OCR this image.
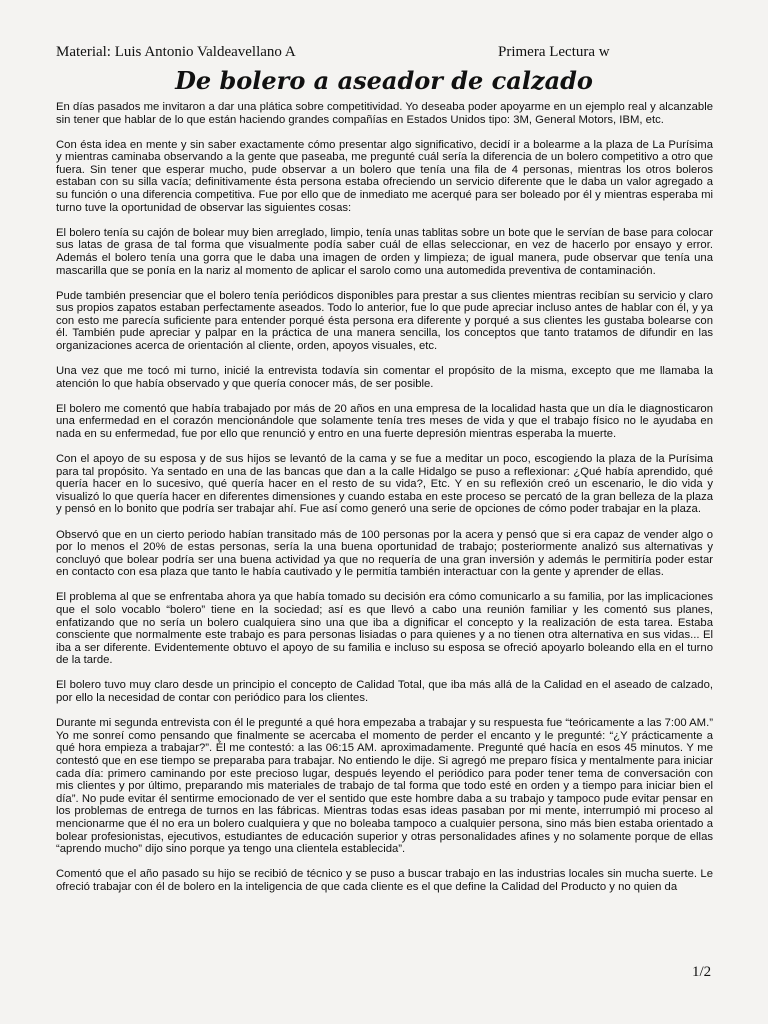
Material: Luis Antonio Valdeavellano A	Primera Lectura w
De bolero a aseador de calzado

En días pasados me invitaron a dar una plática sobre competitividad. Yo deseaba poder apoyarme en un ejemplo real y alcanzable sin tener que hablar de lo que están haciendo grandes compañías en Estados Unidos tipo: 3M, General Motors, IBM, etc.

Con ésta idea en mente y sin saber exactamente cómo presentar algo significativo, decidí ir a bolearme a la plaza de La Purísima y mientras caminaba observando a la gente que paseaba, me pregunté cuál sería la diferencia de un bolero competitivo a otro que fuera. Sin tener que esperar mucho, pude observar a un bolero que tenía una fila de 4 personas, mientras los otros boleros estaban con su silla vacía; definitivamente ésta persona estaba ofreciendo un servicio diferente que le daba un valor agregado a su función o una diferencia competitiva. Fue por ello que de inmediato me acerqué para ser boleado por él y mientras esperaba mi turno tuve la oportunidad de observar las siguientes cosas:

El bolero tenía su cajón de bolear muy bien arreglado, limpio, tenía unas tablitas sobre un bote que le servían de base para colocar sus latas de grasa de tal forma que visualmente podía saber cuál de ellas seleccionar, en vez de hacerlo por ensayo y error. Además el bolero tenía una gorra que le daba una imagen de orden y limpieza; de igual manera, pude observar que tenía una mascarilla que se ponía en la nariz al momento de aplicar el sarolo como una automedida preventiva de contaminación.

Pude también presenciar que el bolero tenía periódicos disponibles para prestar a sus clientes mientras recibían su servicio y claro sus propios zapatos estaban perfectamente aseados. Todo lo anterior, fue lo que pude apreciar incluso antes de hablar con él, y ya con esto me parecía suficiente para entender porqué ésta persona era diferente y porqué a sus clientes les gustaba bolearse con él. También pude apreciar y palpar en la práctica de una manera sencilla, los conceptos que tanto tratamos de difundir en las organizaciones acerca de orientación al cliente, orden, apoyos visuales, etc.

Una vez que me tocó mi turno, inicié la entrevista todavía sin comentar el propósito de la misma, excepto que me llamaba la atención lo que había observado y que quería conocer más, de ser posible.

El bolero me comentó que había trabajado por más de 20 años en una empresa de la localidad hasta que un día le diagnosticaron una enfermedad en el corazón mencionándole que solamente tenía tres meses de vida y que el trabajo físico no le ayudaba en nada en su enfermedad, fue por ello que renunció y entro en una fuerte depresión mientras esperaba la muerte.

Con el apoyo de su esposa y de sus hijos se levantó de la cama y se fue a meditar un poco, escogiendo la plaza de la Purísima para tal propósito. Ya sentado en una de las bancas que dan a la calle Hidalgo se puso a reflexionar: ¿Qué había aprendido, qué quería hacer en lo sucesivo, qué quería hacer en el resto de su vida?, Etc. Y en su reflexión creó un escenario, le dio vida y visualizó lo que quería hacer en diferentes dimensiones y cuando estaba en este proceso se percató de la gran belleza de la plaza y pensó en lo bonito que podría ser trabajar ahí. Fue así como generó una serie de opciones de cómo poder trabajar en la plaza.

Observó que en un cierto periodo habían transitado más de 100 personas por la acera y pensó que si era capaz de vender algo o por lo menos el 20% de estas personas, sería la una buena oportunidad de trabajo; posteriormente analizó sus alternativas y concluyó que bolear podría ser una buena actividad ya que no requería de una gran inversión y además le permitiría poder estar en contacto con esa plaza que tanto le había cautivado y le permitía también interactuar con la gente y aprender de ellas.

El problema al que se enfrentaba ahora ya que había tomado su decisión era cómo comunicarlo a su familia, por las implicaciones que el solo vocablo “bolero” tiene en la sociedad; así es que llevó a cabo una reunión familiar y les comentó sus planes, enfatizando que no sería un bolero cualquiera sino una que iba a dignificar el concepto y la realización de esta tarea. Estaba consciente que normalmente este trabajo es para personas lisiadas o para quienes y a no tienen otra alternativa en sus vidas... El iba a ser diferente. Evidentemente obtuvo el apoyo de su familia e incluso su esposa se ofreció apoyarlo boleando ella en el turno de la tarde.

El bolero tuvo muy claro desde un principio el concepto de Calidad Total, que iba más allá de la Calidad en el aseado de calzado, por ello la necesidad de contar con periódico para los clientes.

Durante mi segunda entrevista con él le pregunté a qué hora empezaba a trabajar y su respuesta fue “teóricamente a las 7:00 AM.” Yo me sonreí como pensando que finalmente se acercaba el momento de perder el encanto y le pregunté: “¿Y prácticamente a qué hora empieza a trabajar?”. Él me contestó: a las 06:15 AM. aproximadamente. Pregunté qué hacía en esos 45 minutos. Y me contestó que en ese tiempo se preparaba para trabajar. No entiendo le dije. Si agregó me preparo física y mentalmente para iniciar cada día: primero caminando por este precioso lugar, después leyendo el periódico para poder tener tema de conversación con mis clientes y por último, preparando mis materiales de trabajo de tal forma que todo esté en orden y a tiempo para iniciar bien el día”. No pude evitar él sentirme emocionado de ver el sentido que este hombre daba a su trabajo y tampoco pude evitar pensar en los problemas de entrega de turnos en las fábricas. Mientras todas esas ideas pasaban por mi mente, interrumpió mi proceso al mencionarme que él no era un bolero cualquiera y que no boleaba tampoco a cualquier persona, sino más bien estaba orientado a bolear profesionistas, ejecutivos, estudiantes de educación superior y otras personalidades afines y no solamente porque de ellas “aprendo mucho” dijo sino porque ya tengo una clientela establecida”.

Comentó que el año pasado su hijo se recibió de técnico y se puso a buscar trabajo en las industrias locales sin mucha suerte. Le ofreció trabajar con él de bolero en la inteligencia de que cada cliente es el que define la Calidad del Producto y no quien da

1/2
